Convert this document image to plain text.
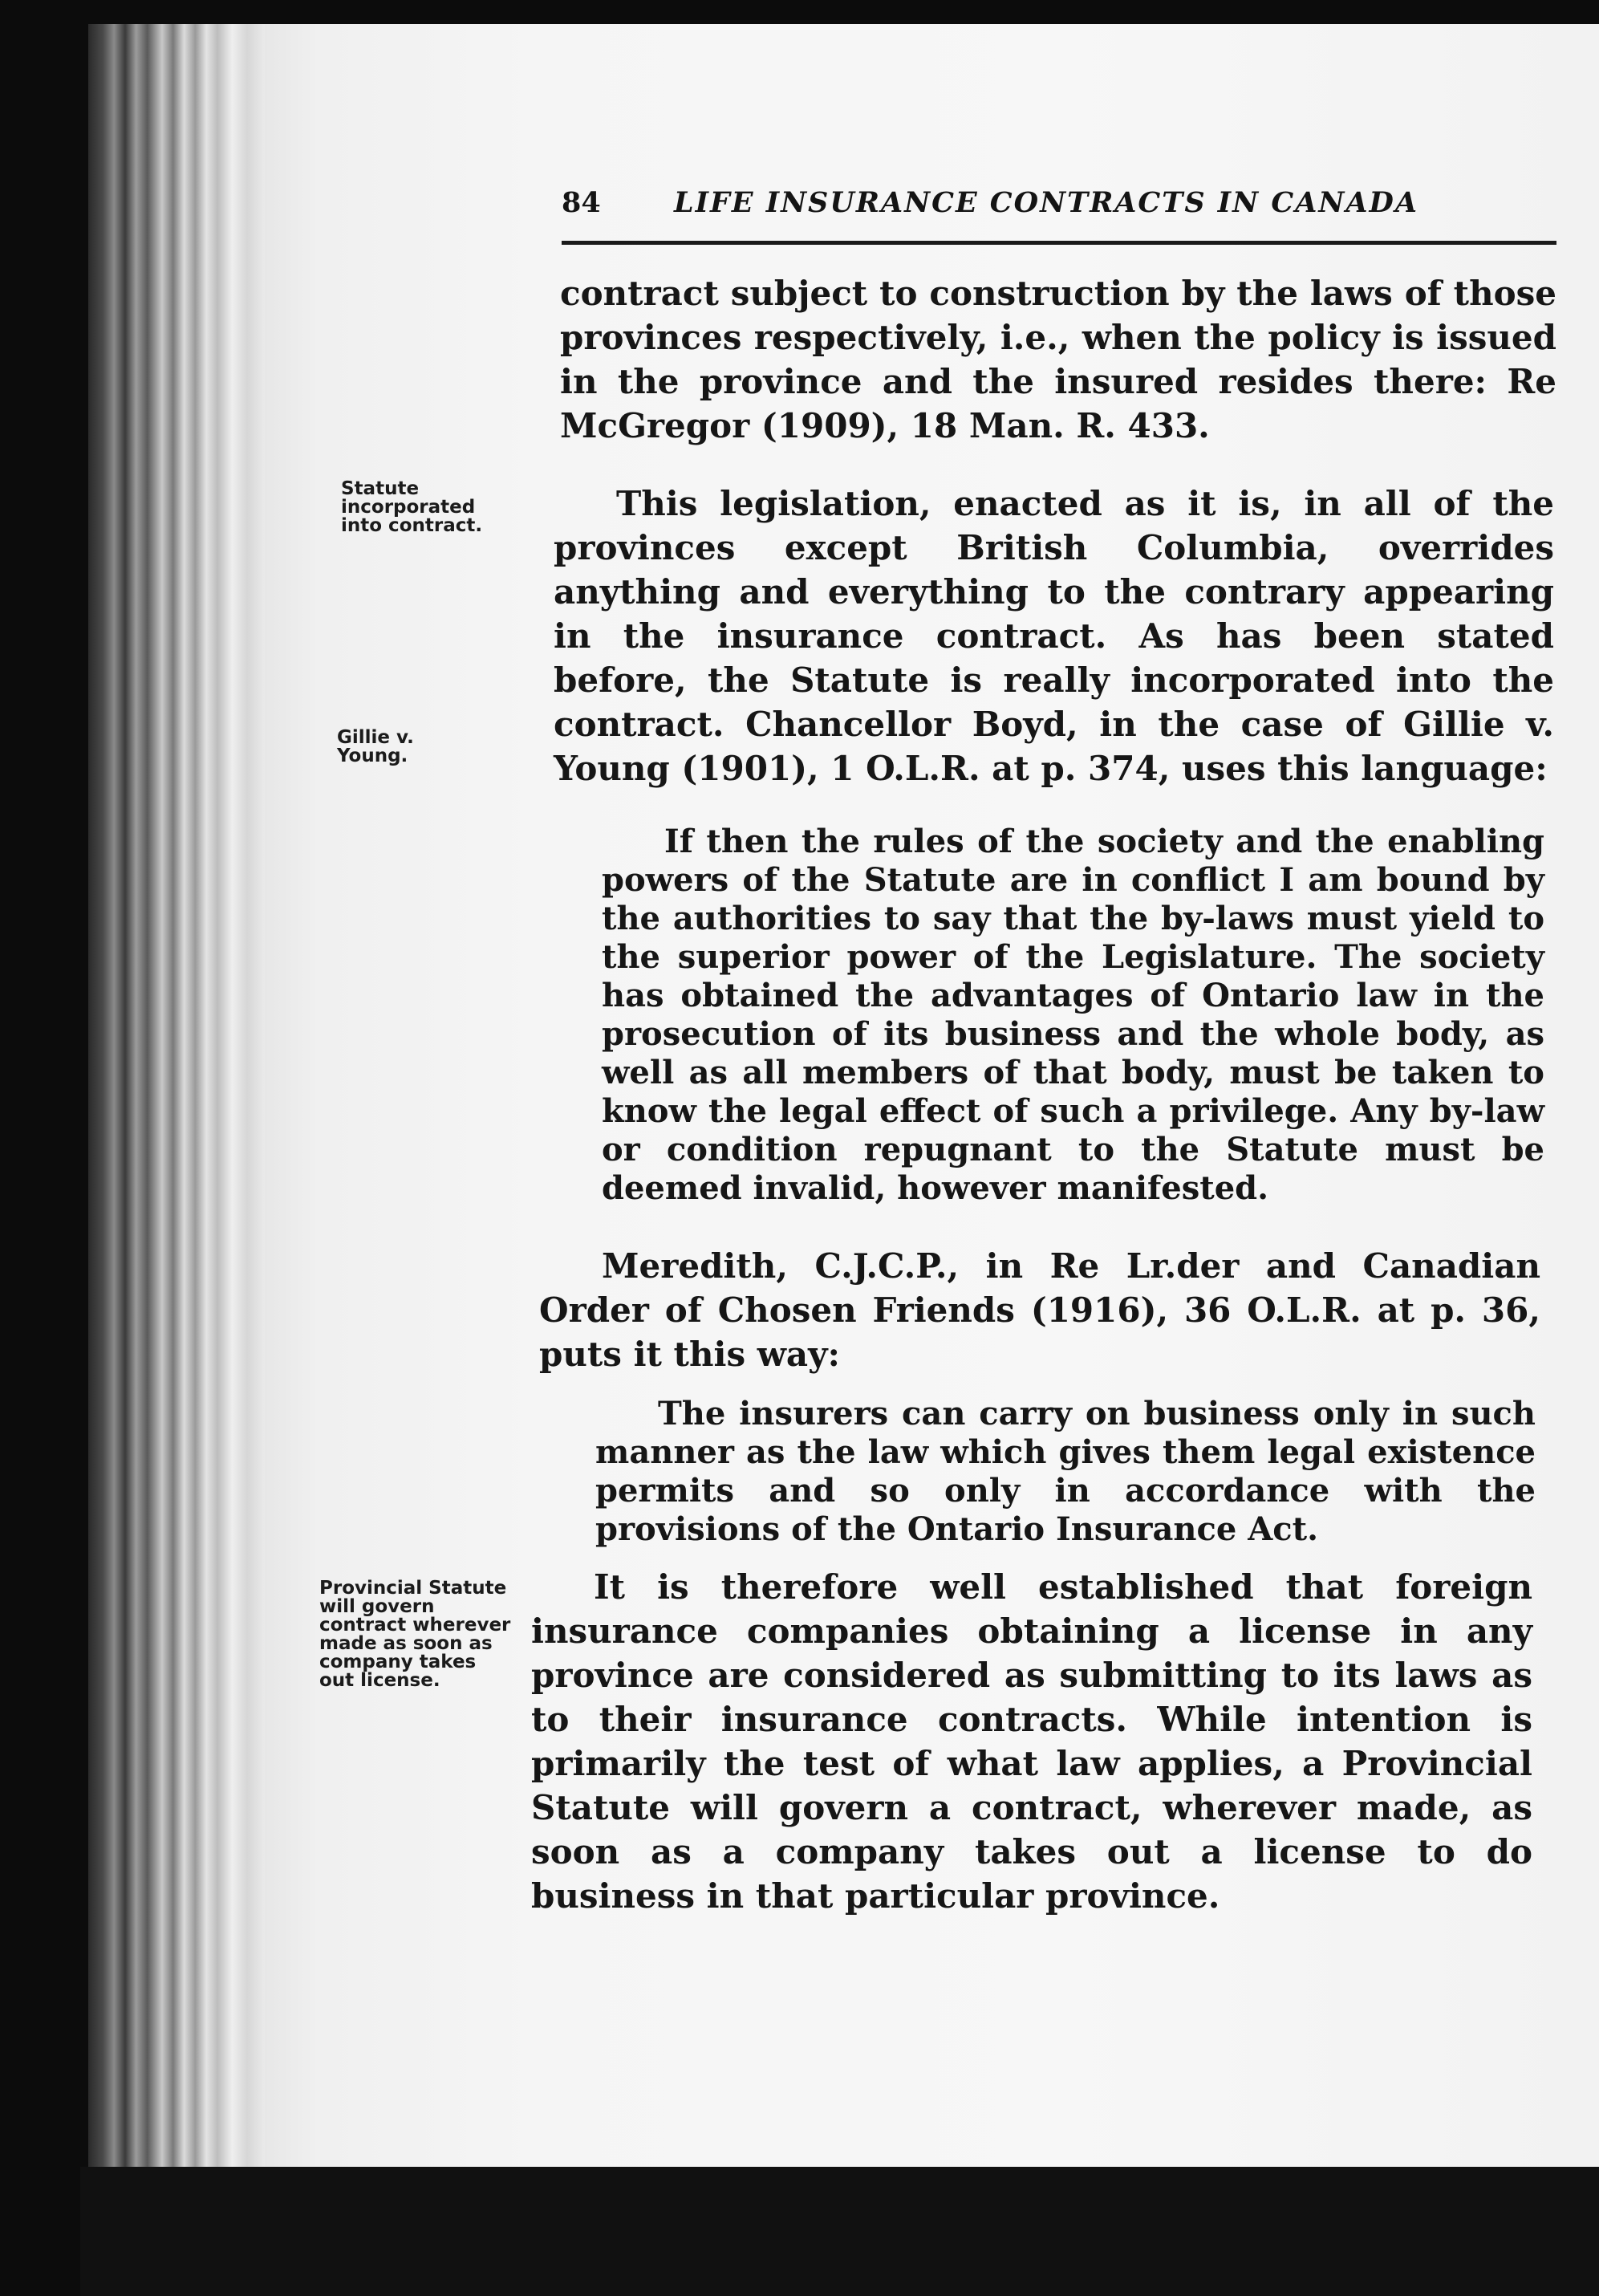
84	LIFE INSURANCE CONTRACTS IN CANADA

contract subject to construction by the laws of those provinces respectively, i.e., when the policy is issued in the province and the insured resides there: Re McGregor (1909), 18 Man. R. 433.

Statute incorporated into contract.

This legislation, enacted as it is, in all of the provinces except British Columbia, overrides anything and everything to the contrary appearing in the insurance contract. As has been stated before, the Statute is really incorporated into the contract. Chancellor Boyd, in the case of Gillie v. Young (1901), 1 O.L.R. at p. 374, uses this language:

Gillie v. Young.

If then the rules of the society and the enabling powers of the Statute are in conflict I am bound by the authorities to say that the by-laws must yield to the superior power of the Legislature. The society has obtained the advantages of Ontario law in the prosecution of its business and the whole body, as well as all members of that body, must be taken to know the legal effect of such a privilege. Any by-law or condition repugnant to the Statute must be deemed invalid, however manifested.

Meredith, C.J.C.P., in Re Lr.der and Canadian Order of Chosen Friends (1916), 36 O.L.R. at p. 36, puts it this way:

The insurers can carry on business only in such manner as the law which gives them legal existence permits and so only in accordance with the provisions of the Ontario Insurance Act.

Provincial Statute will govern contract wherever made as soon as company takes out license.

It is therefore well established that foreign insurance companies obtaining a license in any province are considered as submitting to its laws as to their insurance contracts. While intention is primarily the test of what law applies, a Provincial Statute will govern a contract, wherever made, as soon as a company takes out a license to do business in that particular province.
